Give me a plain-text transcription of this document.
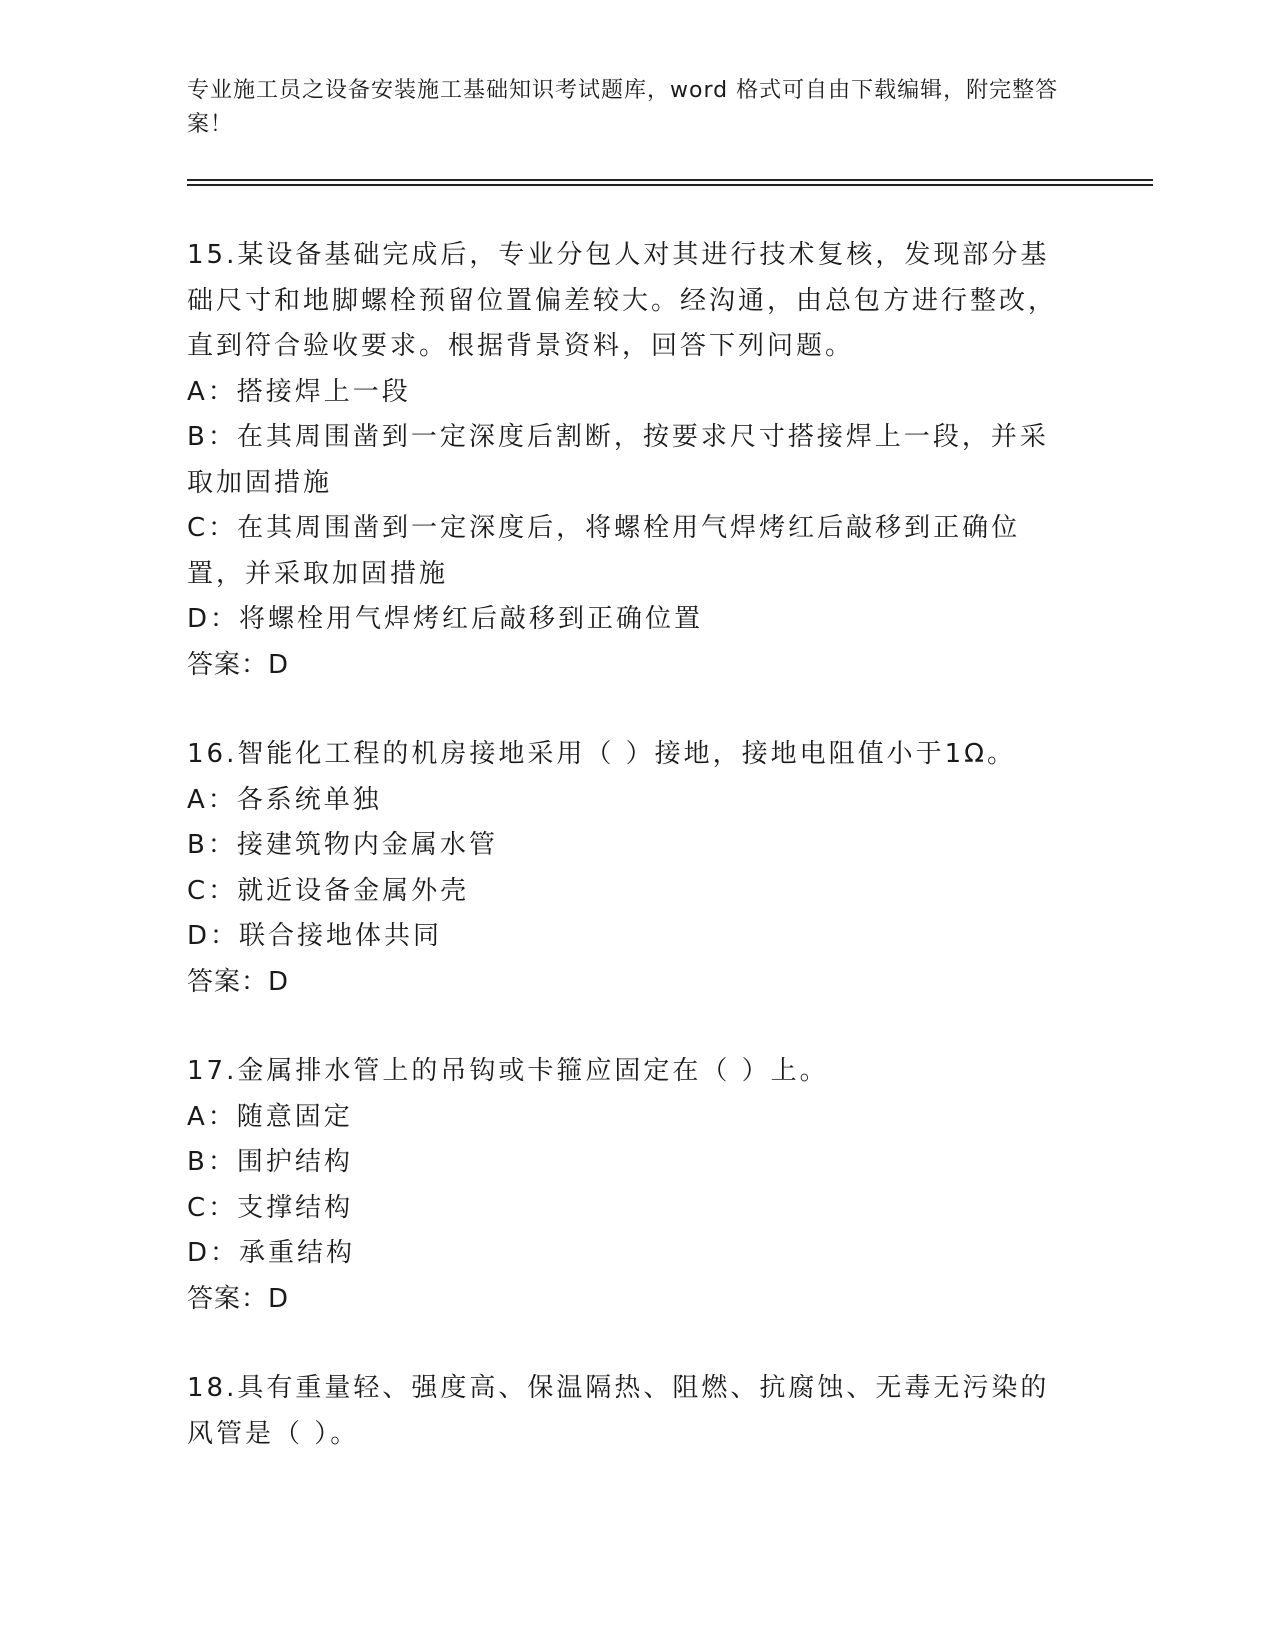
专业施工员之设备安装施工基础知识考试题库，word 格式可自由下载编辑，附完整答案！
15.某设备基础完成后，专业分包人对其进行技术复核，发现部分基础尺寸和地脚螺栓预留位置偏差较大。经沟通，由总包方进行整改，直到符合验收要求。根据背景资料，回答下列问题。
A：搭接焊上一段
B：在其周围凿到一定深度后割断，按要求尺寸搭接焊上一段，并采取加固措施
C：在其周围凿到一定深度后，将螺栓用气焊烤红后敲移到正确位置，并采取加固措施
D：将螺栓用气焊烤红后敲移到正确位置
答案：D
16.智能化工程的机房接地采用（ ）接地，接地电阻值小于1Ω。
A：各系统单独
B：接建筑物内金属水管
C：就近设备金属外壳
D：联合接地体共同
答案：D
17.金属排水管上的吊钩或卡箍应固定在（ ）上。
A：随意固定
B：围护结构
C：支撑结构
D：承重结构
答案：D
18.具有重量轻、强度高、保温隔热、阻燃、抗腐蚀、无毒无污染的风管是（ ）。
